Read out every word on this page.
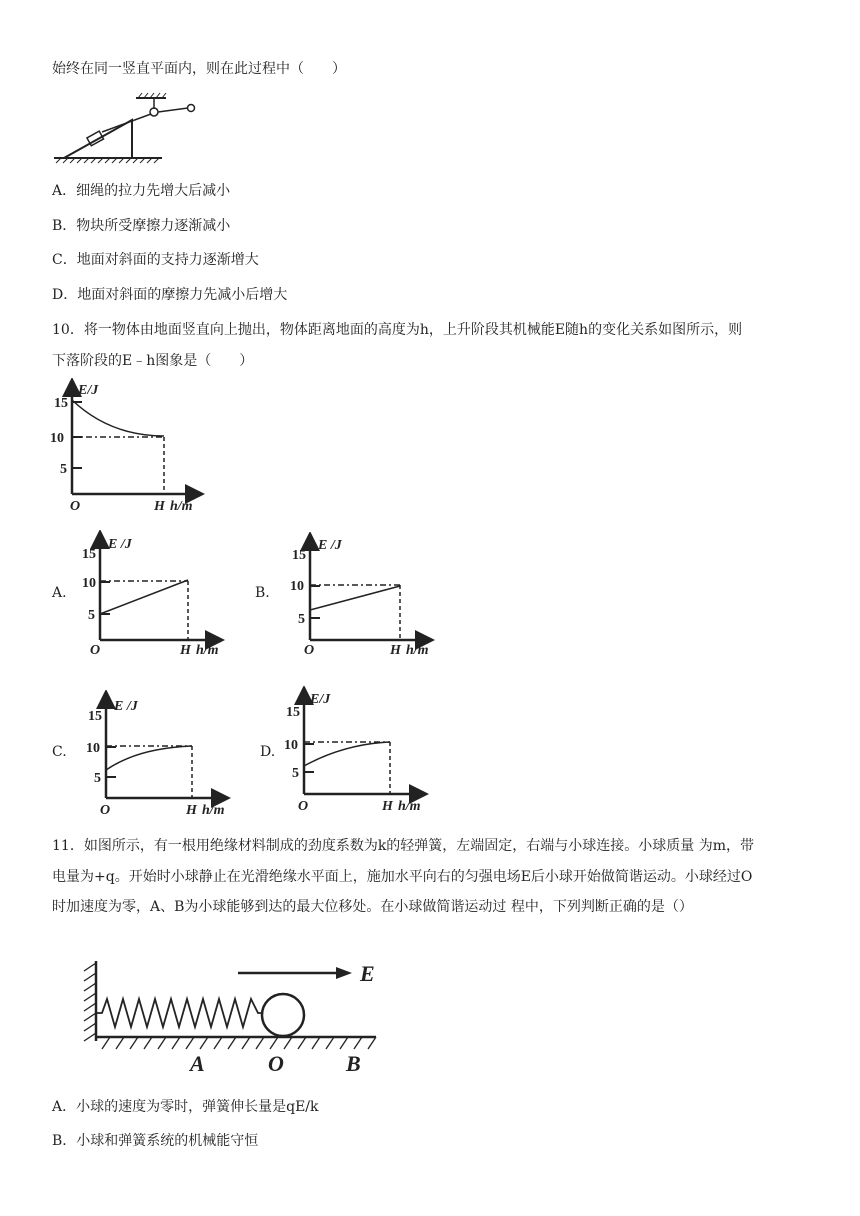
始终在同一竖直平面内，则在此过程中（　　）
A．细绳的拉力先增大后减小
B．物块所受摩擦力逐渐减小
C．地面对斜面的支持力逐渐增大
D．地面对斜面的摩擦力先减小后增大
10．将一物体由地面竖直向上抛出，物体距离地面的高度为h，上升阶段其机械能E随h的变化关系如图所示，则
下落阶段的E﹣h图象是（　　）
E/J
15
10
5
O	H h/m
A.
E /J
15
10
5
O	H h/m
B.
E /J
15
10
5
O	H h/m
C.
E /J
15
10
5
O	H h/m
D.
E/J
15
10
5
O	H h/m
11．如图所示，有一根用绝缘材料制成的劲度系数为k的轻弹簧，左端固定，右端与小球连接。小球质量 为m，带
电量为+q。开始时小球静止在光滑绝缘水平面上，施加水平向右的匀强电场E后小球开始做简谐运动。小球经过O
时加速度为零，A、B为小球能够到达的最大位移处。在小球做简谐运动过 程中，下列判断正确的是（）
E
A	O	B
A．小球的速度为零时，弹簧伸长量是qE/k
B．小球和弹簧系统的机械能守恒
